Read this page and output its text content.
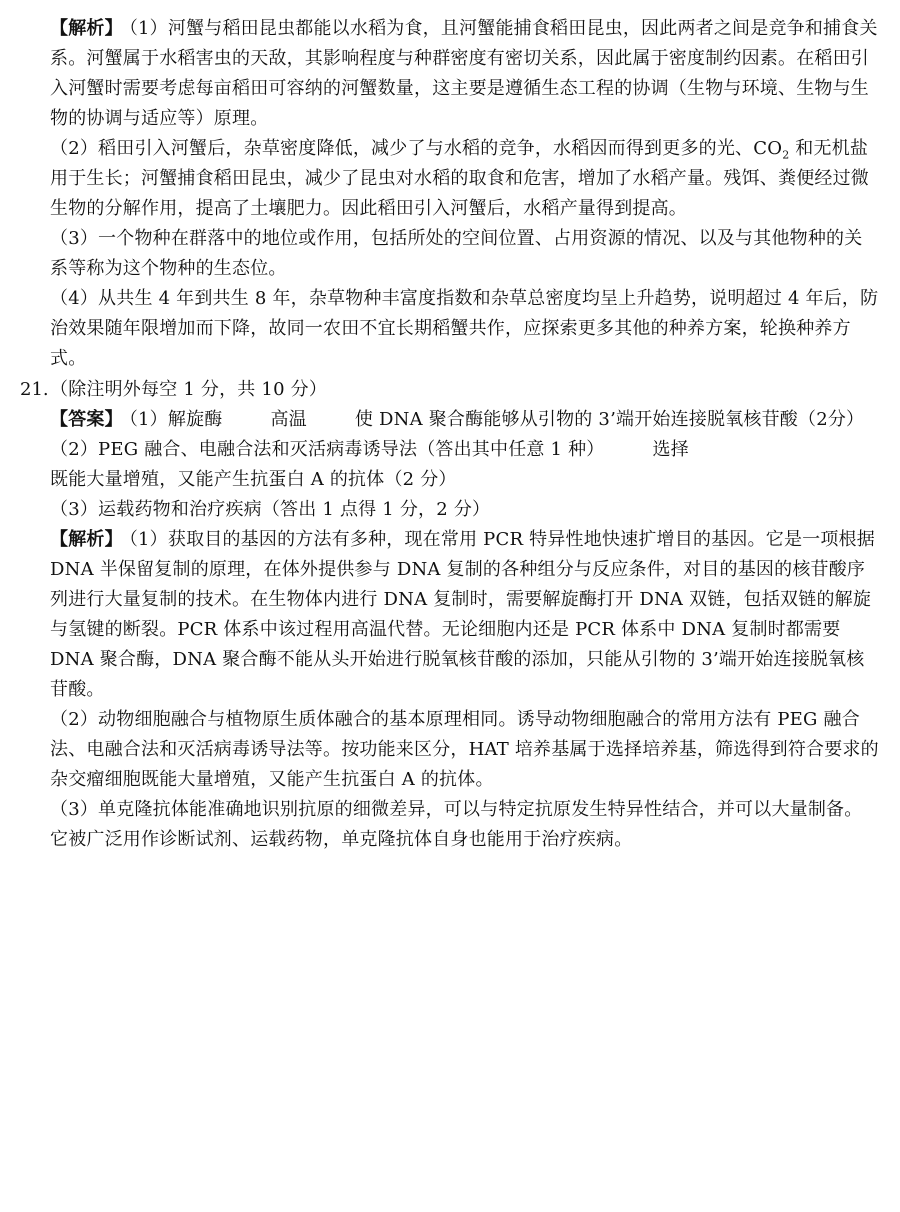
【解析】 （1）河蟹与稻田昆虫都能以水稻为食，且河蟹能捕食稻田昆虫，因此两者之间是竞争和捕食关系。河蟹属于水稻害虫的天敌，其影响程度与种群密度有密切关系，因此属于密度制约因素。在稻田引入河蟹时需要考虑每亩稻田可容纳的河蟹数量，这主要是遵循生态工程的协调（生物与环境、生物与生物的协调与适应等）原理。

（2）稻田引入河蟹后，杂草密度降低，减少了与水稻的竞争，水稻因而得到更多的光、$CO_2$ 和无机盐用于生长；河蟹捕食稻田昆虫，减少了昆虫对水稻的取食和危害，增加了水稻产量。残饵、粪便经过微生物的分解作用，提高了土壤肥力。因此稻田引入河蟹后，水稻产量得到提高。

（3）一个物种在群落中的地位或作用，包括所处的空间位置、占用资源的情况、以及与其他物种的关系等称为这个物种的生态位。

（4）从共生 4 年到共生 8 年，杂草物种丰富度指数和杂草总密度均呈上升趋势，说明超过 4 年后，防治效果随年限增加而下降，故同一农田不宜长期稻蟹共作，应探索更多其他的种养方案，轮换种养方式。

21. （除注明外每空 1 分，共 10 分）

【答案】 （1）解旋酶	高温	使 DNA 聚合酶能够从引物的 3’端开始连接脱氧核苷酸（2分）

（2）PEG 融合、电融合法和灭活病毒诱导法（答出其中任意 1 种）	选择

既能大量增殖，又能产生抗蛋白 A 的抗体（2 分）

（3）运载药物和治疗疾病（答出 1 点得 1 分，2 分）

【解析】 （1）获取目的基因的方法有多种，现在常用 PCR 特异性地快速扩增目的基因。它是一项根据 DNA 半保留复制的原理，在体外提供参与 DNA 复制的各种组分与反应条件，对目的基因的核苷酸序列进行大量复制的技术。在生物体内进行 DNA 复制时，需要解旋酶打开 DNA 双链，包括双链的解旋与氢键的断裂。PCR 体系中该过程用高温代替。无论细胞内还是 PCR 体系中 DNA 复制时都需要 DNA 聚合酶，DNA 聚合酶不能从头开始进行脱氧核苷酸的添加，只能从引物的 3’端开始连接脱氧核苷酸。

（2）动物细胞融合与植物原生质体融合的基本原理相同。诱导动物细胞融合的常用方法有 PEG 融合法、电融合法和灭活病毒诱导法等。按功能来区分，HAT 培养基属于选择培养基，筛选得到符合要求的杂交瘤细胞既能大量增殖，又能产生抗蛋白 A 的抗体。

（3）单克隆抗体能准确地识别抗原的细微差异，可以与特定抗原发生特异性结合，并可以大量制备。它被广泛用作诊断试剂、运载药物，单克隆抗体自身也能用于治疗疾病。
